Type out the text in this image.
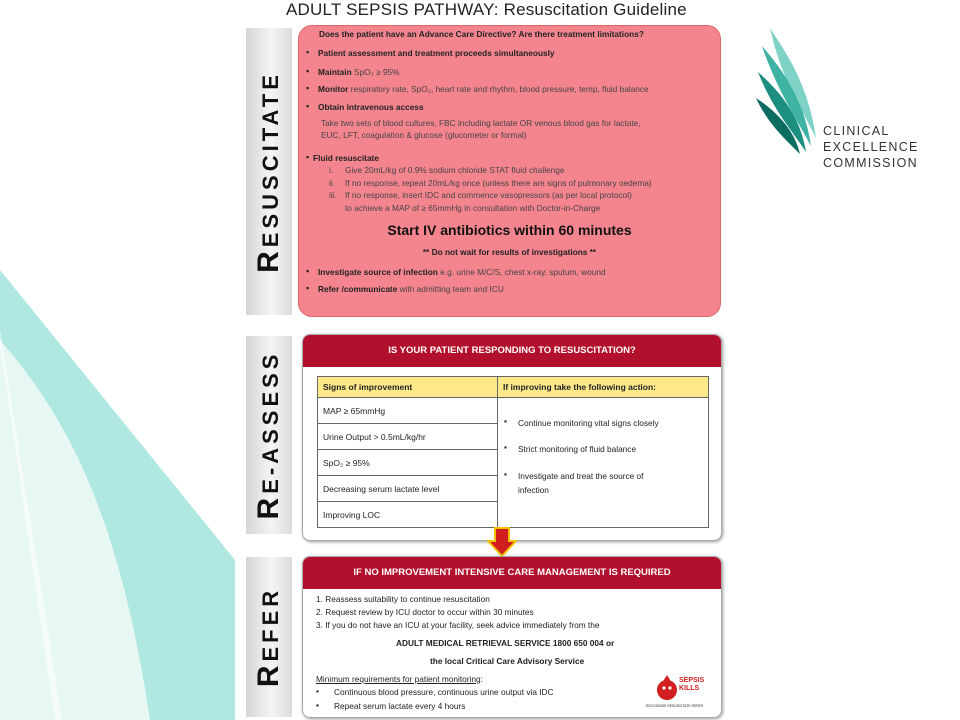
ADULT SEPSIS PATHWAY: Resuscitation Guideline
CLINICAL
EXCELLENCE
COMMISSION
RESUSCITATE
RE-ASSESS
REFER
Does the patient have an Advance Care Directive? Are there treatment limitations?
▪ Patient assessment and treatment proceeds simultaneously
▪ Maintain SpO₂ ≥ 95%
▪ Monitor respiratory rate, SpO₂, heart rate and rhythm, blood pressure, temp, fluid balance
▪ Obtain intravenous access
Take two sets of blood cultures, FBC including lactate OR venous blood gas for lactate,
EUC, LFT, coagulation & glucose (glucometer or formal)
▪ Fluid resuscitate
i. Give 20mL/kg of 0.9% sodium chloride STAT fluid challenge
ii. If no response, repeat 20mL/kg once (unless there are signs of pulmonary oedema)
iii. If no response, insert IDC and commence vasopressors (as per local protocol)
to achieve a MAP of ≥ 65mmHg in consultation with Doctor-in-Charge
Start IV antibiotics within 60 minutes
** Do not wait for results of investigations **
▪ Investigate source of infection e.g. urine M/C/S, chest x-ray, sputum, wound
▪ Refer /communicate with admitting team and ICU
IS YOUR PATIENT RESPONDING TO RESUSCITATION?
Signs of improvement	If improving take the following action:
MAP ≥ 65mmHg	
Urine Output > 0.5mL/kg/hr	
SpO₂ ≥ 95%	
Decreasing serum lactate level	
Improving LOC	
▪ Continue monitoring vital signs closely
▪ Strict monitoring of fluid balance
▪ Investigate and treat the source of
infection
IF NO IMPROVEMENT INTENSIVE CARE MANAGEMENT IS REQUIRED
1. Reassess suitability to continue resuscitation
2. Request review by ICU doctor to occur within 30 minutes
3. If you do not have an ICU at your facility, seek advice immediately from the
ADULT MEDICAL RETRIEVAL SERVICE 1800 650 004 or
the local Critical Care Advisory Service
Minimum requirements for patient monitoring:
▪ Continuous blood pressure, continuous urine output via IDC
▪ Repeat serum lactate every 4 hours
SEPSIS
KILLS
RECOGNISE RESUSCITATE REFER
